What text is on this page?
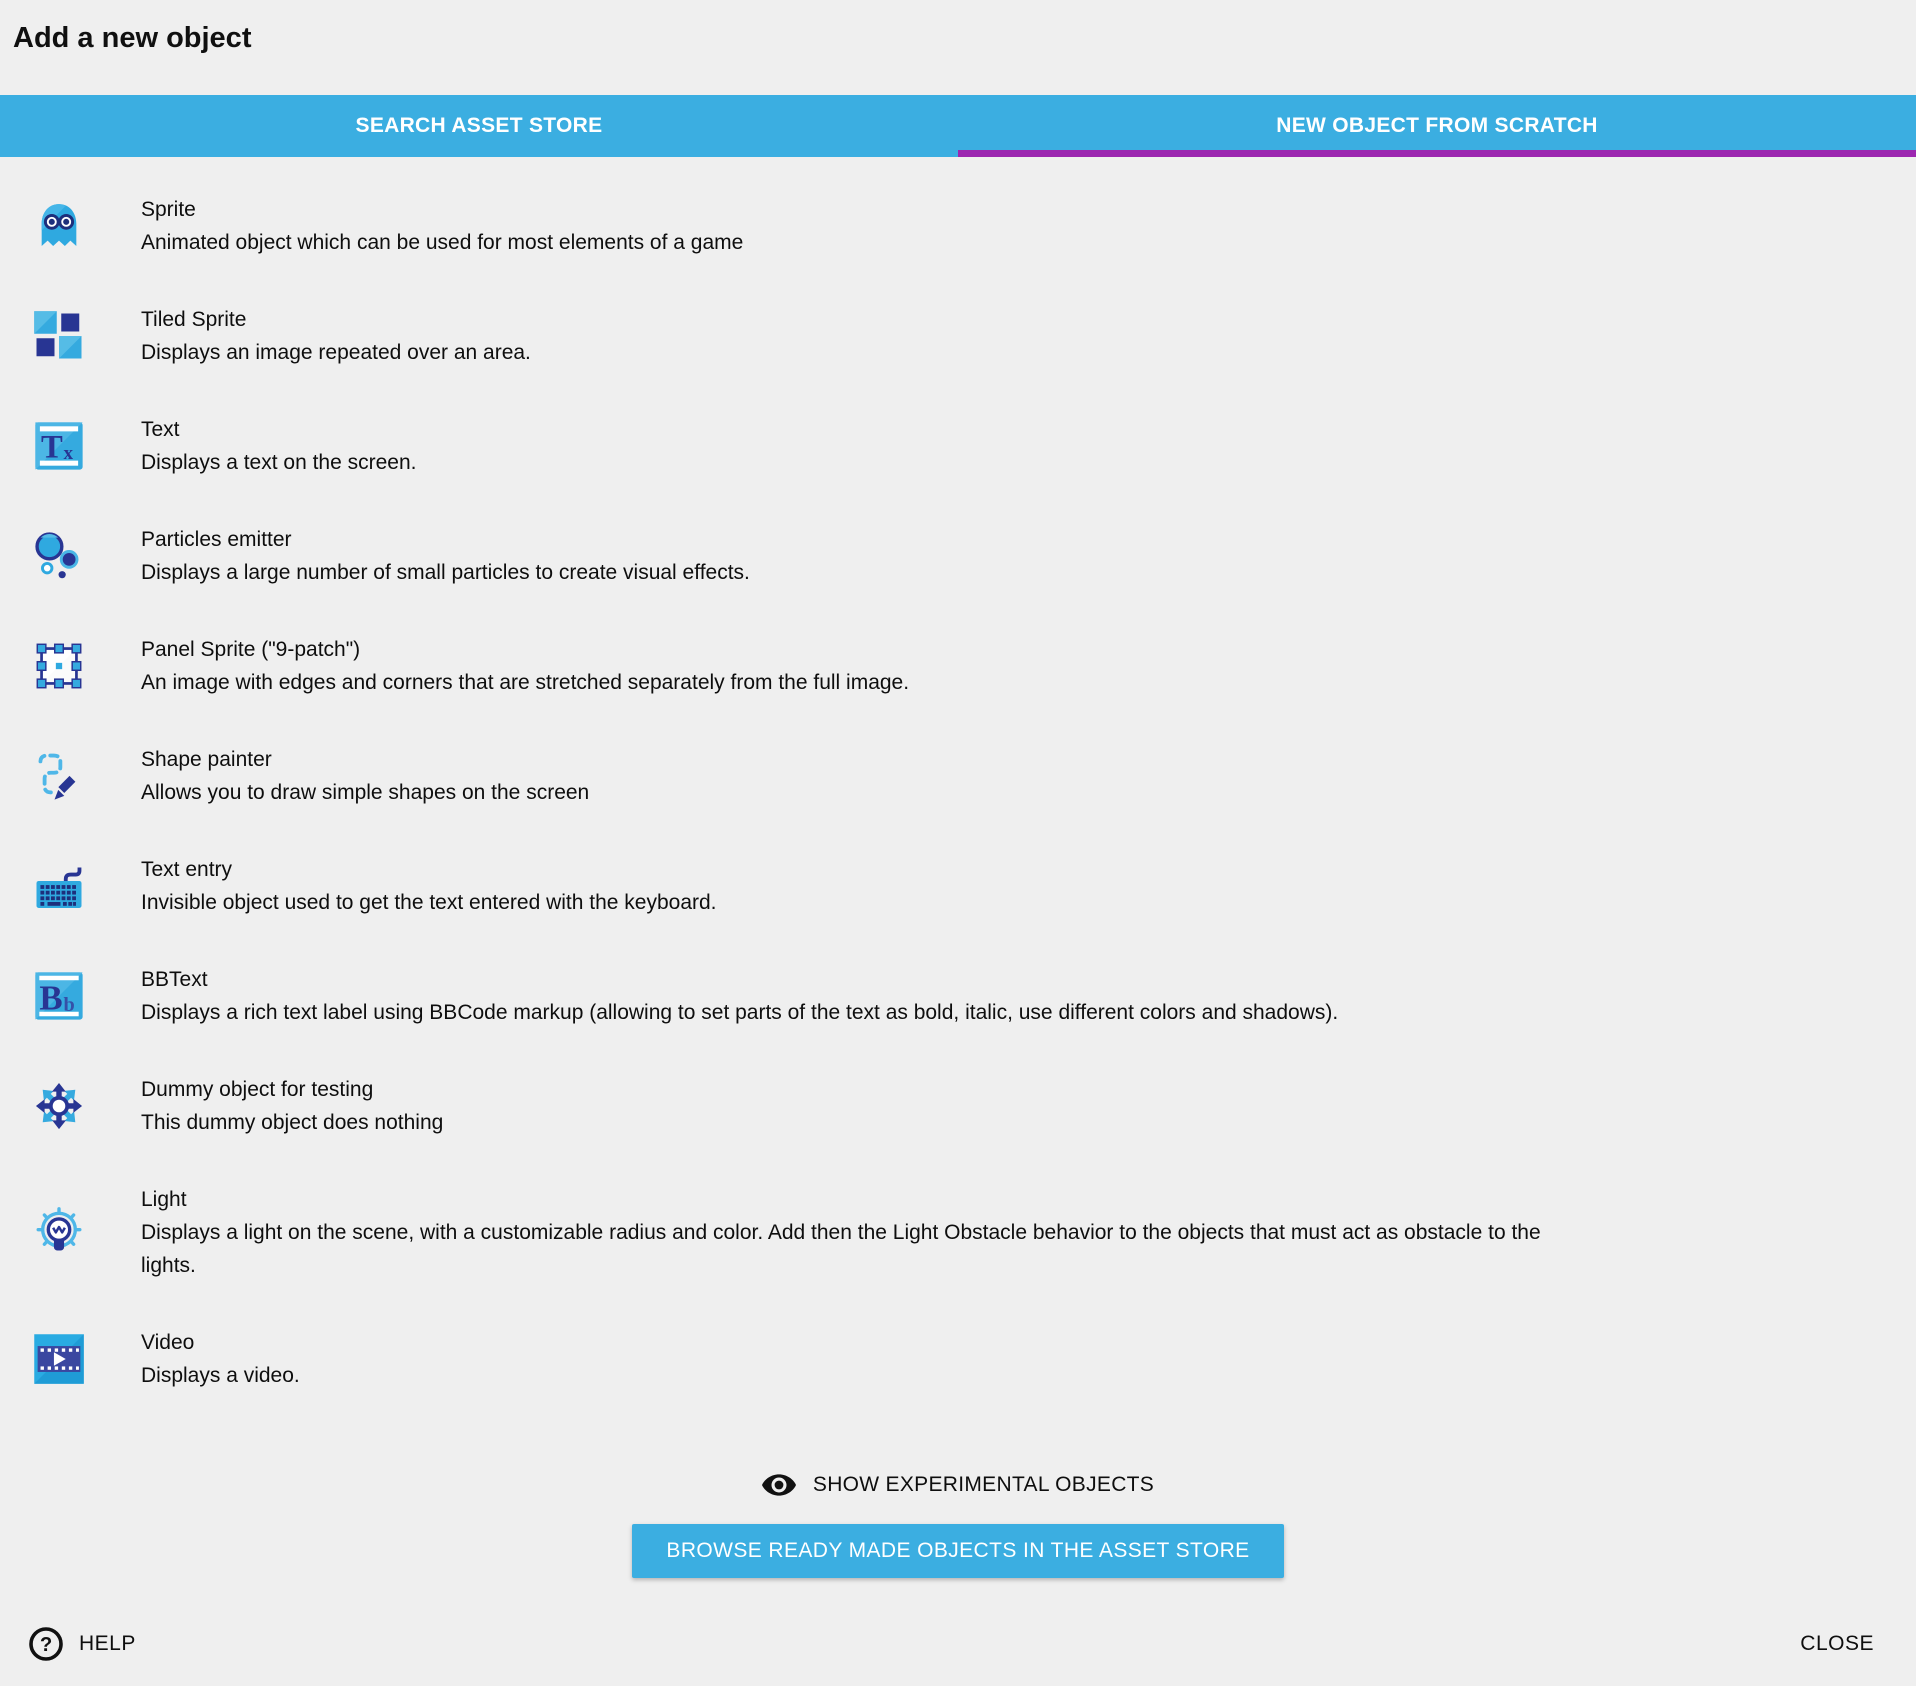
Add a new object
SEARCH ASSET STORE	NEW OBJECT FROM SCRATCH
Sprite
Animated object which can be used for most elements of a game
Tiled Sprite
Displays an image repeated over an area.
T x
Text
Displays a text on the screen.
Particles emitter
Displays a large number of small particles to create visual effects.
Panel Sprite ("9-patch")
An image with edges and corners that are stretched separately from the full image.
Shape painter
Allows you to draw simple shapes on the screen
Text entry
Invisible object used to get the text entered with the keyboard.
B b
BBText
Displays a rich text label using BBCode markup (allowing to set parts of the text as bold, italic, use different colors and shadows).
Dummy object for testing
This dummy object does nothing
Light
Displays a light on the scene, with a customizable radius and color. Add then the Light Obstacle behavior to the objects that must act as obstacle to the lights.
Video
Displays a video.
SHOW EXPERIMENTAL OBJECTS
BROWSE READY MADE OBJECTS IN THE ASSET STORE
? HELP	CLOSE
